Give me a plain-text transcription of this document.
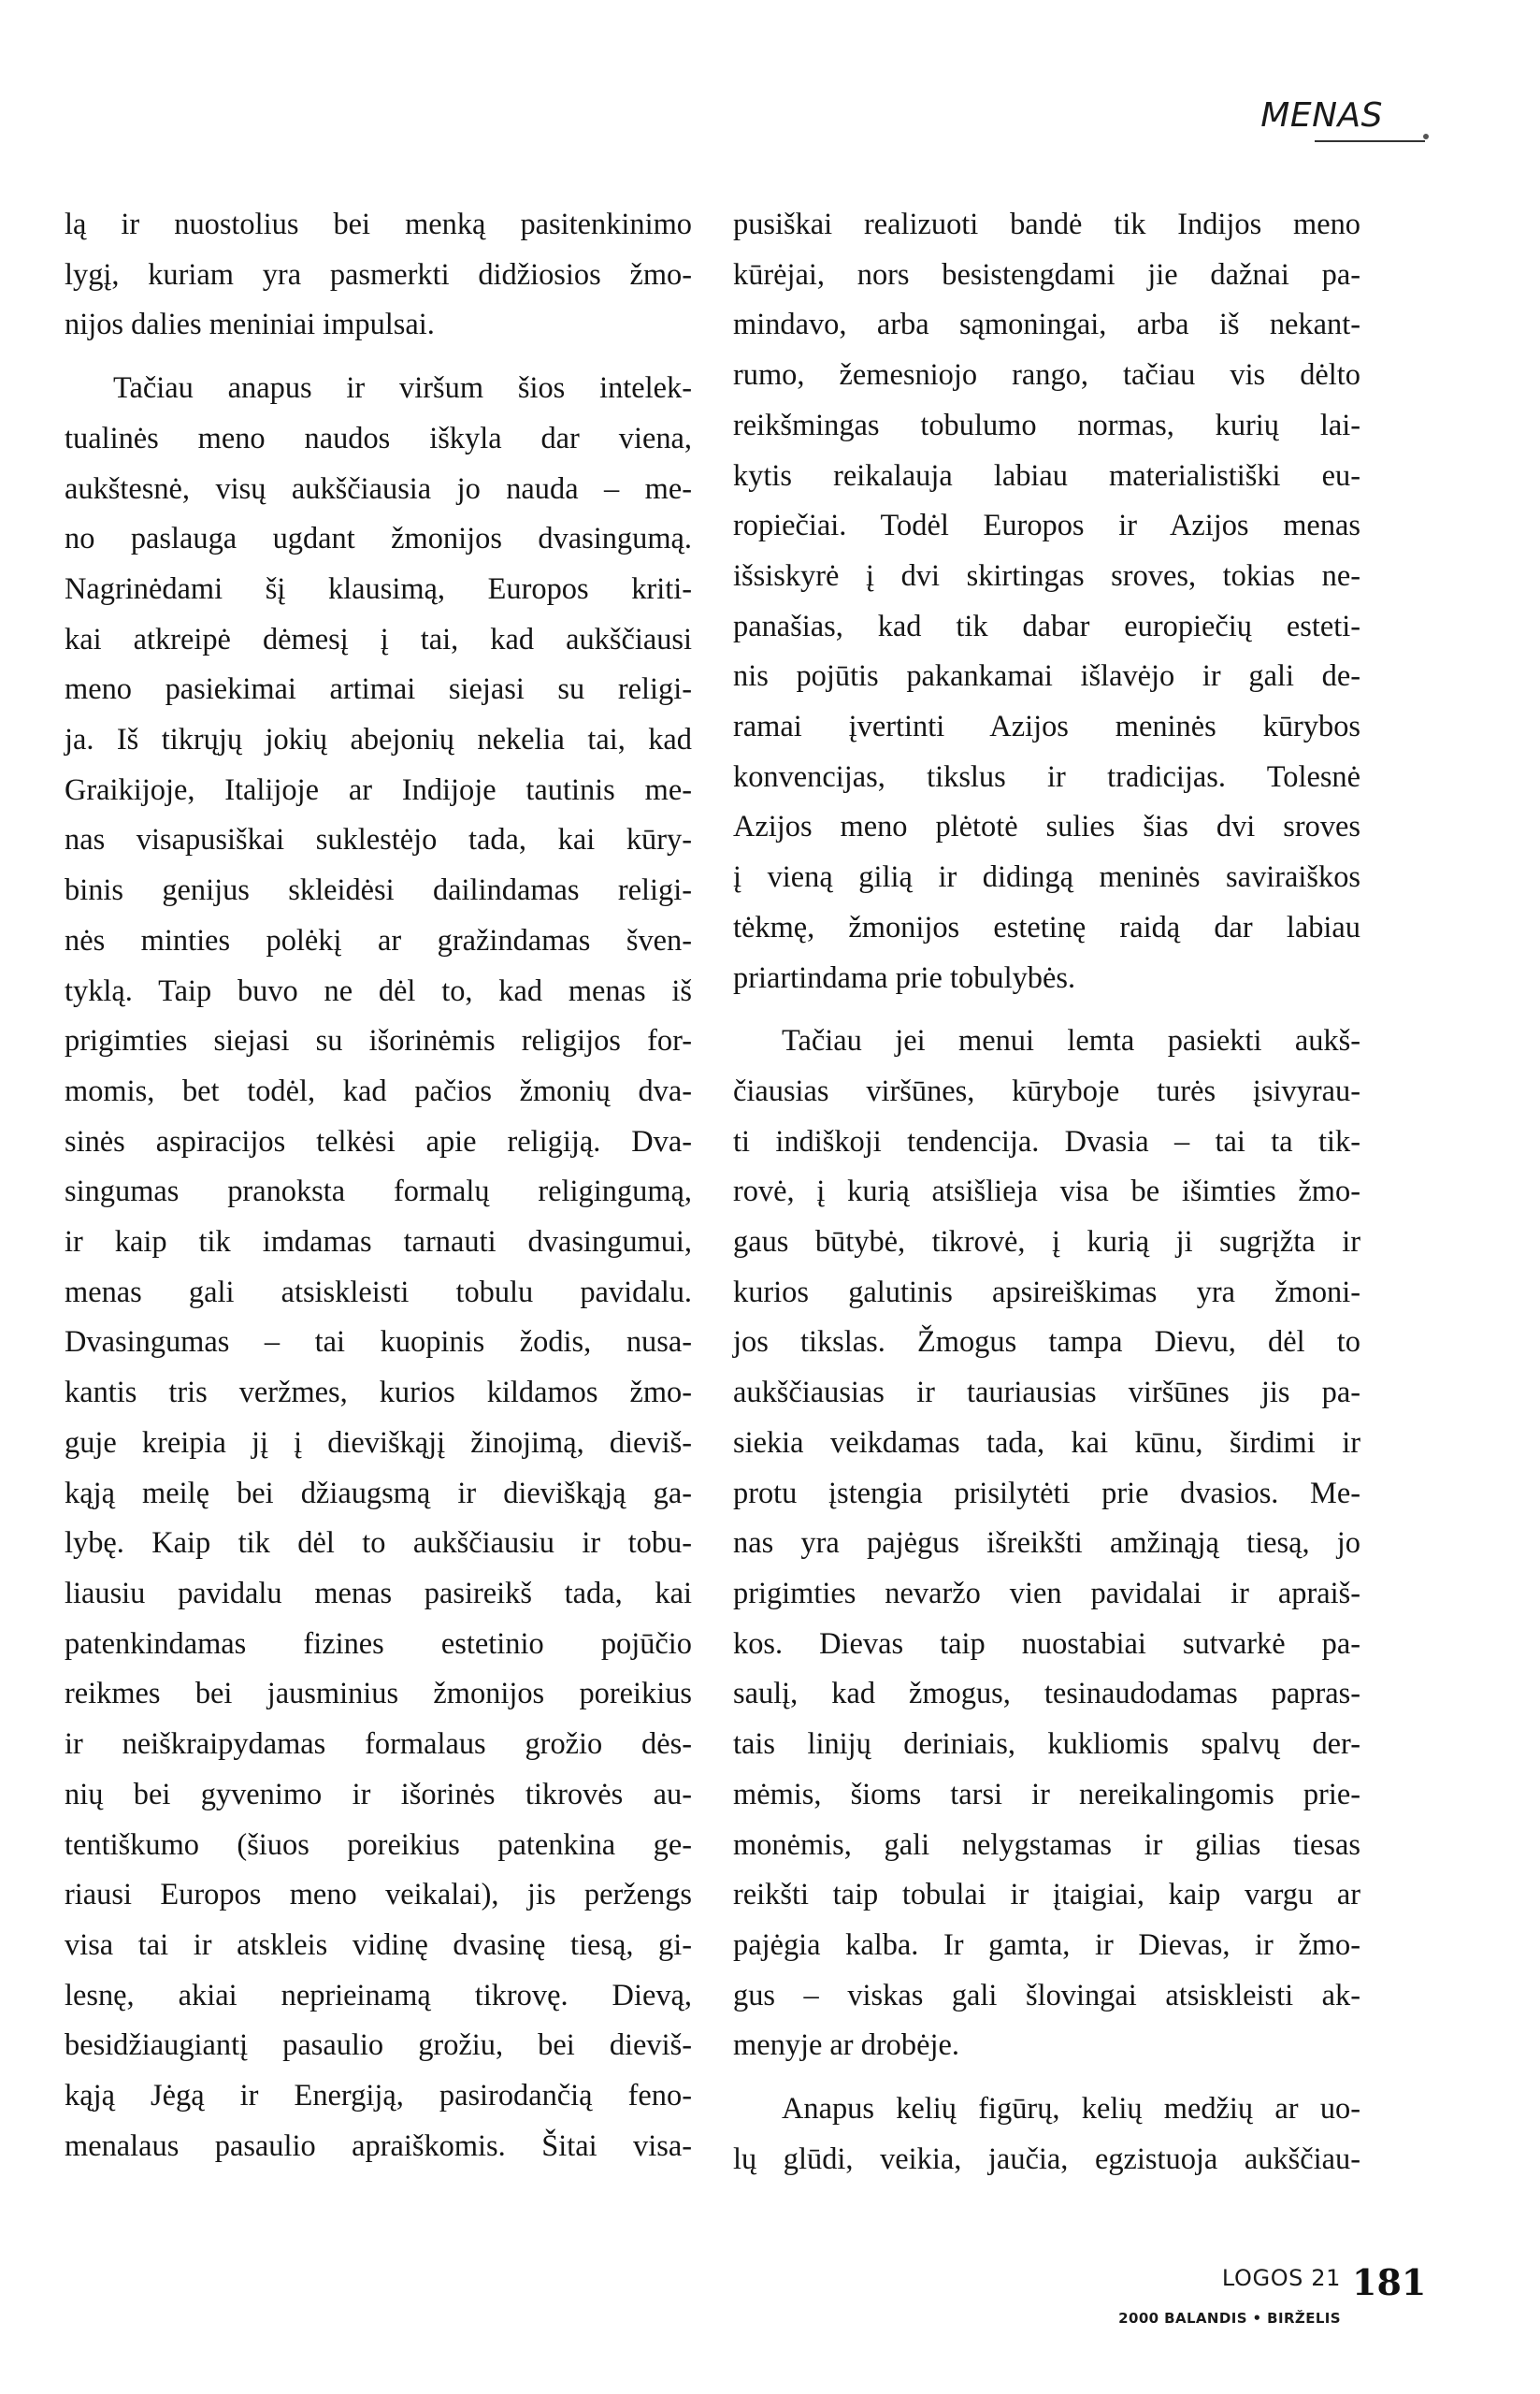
MENAS

lą ir nuostolius bei menką pasitenkinimo

lygį, kuriam yra pasmerkti didžiosios žmo-

nijos dalies meniniai impulsai.

Tačiau anapus ir viršum šios intelek-

tualinės meno naudos iškyla dar viena,

aukštesnė, visų aukščiausia jo nauda – me-

no paslauga ugdant žmonijos dvasingumą.

Nagrinėdami šį klausimą, Europos kriti-

kai atkreipė dėmesį į tai, kad aukščiausi

meno pasiekimai artimai siejasi su religi-

ja. Iš tikrųjų jokių abejonių nekelia tai, kad

Graikijoje, Italijoje ar Indijoje tautinis me-

nas visapusiškai suklestėjo tada, kai kūry-

binis genijus skleidėsi dailindamas religi-

nės minties polėkį ar gražindamas šven-

tyklą. Taip buvo ne dėl to, kad menas iš

prigimties siejasi su išorinėmis religijos for-

momis, bet todėl, kad pačios žmonių dva-

sinės aspiracijos telkėsi apie religiją. Dva-

singumas pranoksta formalų religingumą,

ir kaip tik imdamas tarnauti dvasingumui,

menas gali atsiskleisti tobulu pavidalu.

Dvasingumas – tai kuopinis žodis, nusa-

kantis tris veržmes, kurios kildamos žmo-

guje kreipia jį į dieviškąjį žinojimą, dieviš-

kąją meilę bei džiaugsmą ir dieviškąją ga-

lybę. Kaip tik dėl to aukščiausiu ir tobu-

liausiu pavidalu menas pasireikš tada, kai

patenkindamas fizines estetinio pojūčio

reikmes bei jausminius žmonijos poreikius

ir neiškraipydamas formalaus grožio dės-

nių bei gyvenimo ir išorinės tikrovės au-

tentiškumo (šiuos poreikius patenkina ge-

riausi Europos meno veikalai), jis peržengs

visa tai ir atskleis vidinę dvasinę tiesą, gi-

lesnę, akiai neprieinamą tikrovę. Dievą,

besidžiaugiantį pasaulio grožiu, bei dieviš-

kąją Jėgą ir Energiją, pasirodančią feno-

menalaus pasaulio apraiškomis. Šitai visa-

pusiškai realizuoti bandė tik Indijos meno

kūrėjai, nors besistengdami jie dažnai pa-

mindavo, arba sąmoningai, arba iš nekant-

rumo, žemesniojo rango, tačiau vis dėlto

reikšmingas tobulumo normas, kurių lai-

kytis reikalauja labiau materialistiški eu-

ropiečiai. Todėl Europos ir Azijos menas

išsiskyrė į dvi skirtingas sroves, tokias ne-

panašias, kad tik dabar europiečių esteti-

nis pojūtis pakankamai išlavėjo ir gali de-

ramai įvertinti Azijos meninės kūrybos

konvencijas, tikslus ir tradicijas. Tolesnė

Azijos meno plėtotė sulies šias dvi sroves

į vieną gilią ir didingą meninės saviraiškos

tėkmę, žmonijos estetinę raidą dar labiau

priartindama prie tobulybės.

Tačiau jei menui lemta pasiekti aukš-

čiausias viršūnes, kūryboje turės įsivyrau-

ti indiškoji tendencija. Dvasia – tai ta tik-

rovė, į kurią atsišlieja visa be išimties žmo-

gaus būtybė, tikrovė, į kurią ji sugrįžta ir

kurios galutinis apsireiškimas yra žmoni-

jos tikslas. Žmogus tampa Dievu, dėl to

aukščiausias ir tauriausias viršūnes jis pa-

siekia veikdamas tada, kai kūnu, širdimi ir

protu įstengia prisilytėti prie dvasios. Me-

nas yra pajėgus išreikšti amžinąją tiesą, jo

prigimties nevaržo vien pavidalai ir apraiš-

kos. Dievas taip nuostabiai sutvarkė pa-

saulį, kad žmogus, tesinaudodamas papras-

tais linijų deriniais, kukliomis spalvų der-

mėmis, šioms tarsi ir nereikalingomis prie-

monėmis, gali nelygstamas ir gilias tiesas

reikšti taip tobulai ir įtaigiai, kaip vargu ar

pajėgia kalba. Ir gamta, ir Dievas, ir žmo-

gus – viskas gali šlovingai atsiskleisti ak-

menyje ar drobėje.

Anapus kelių figūrų, kelių medžių ar uo-

lų glūdi, veikia, jaučia, egzistuoja aukščiau-

LOGOS 21
2000 BALANDIS • BIRŽELIS
181
